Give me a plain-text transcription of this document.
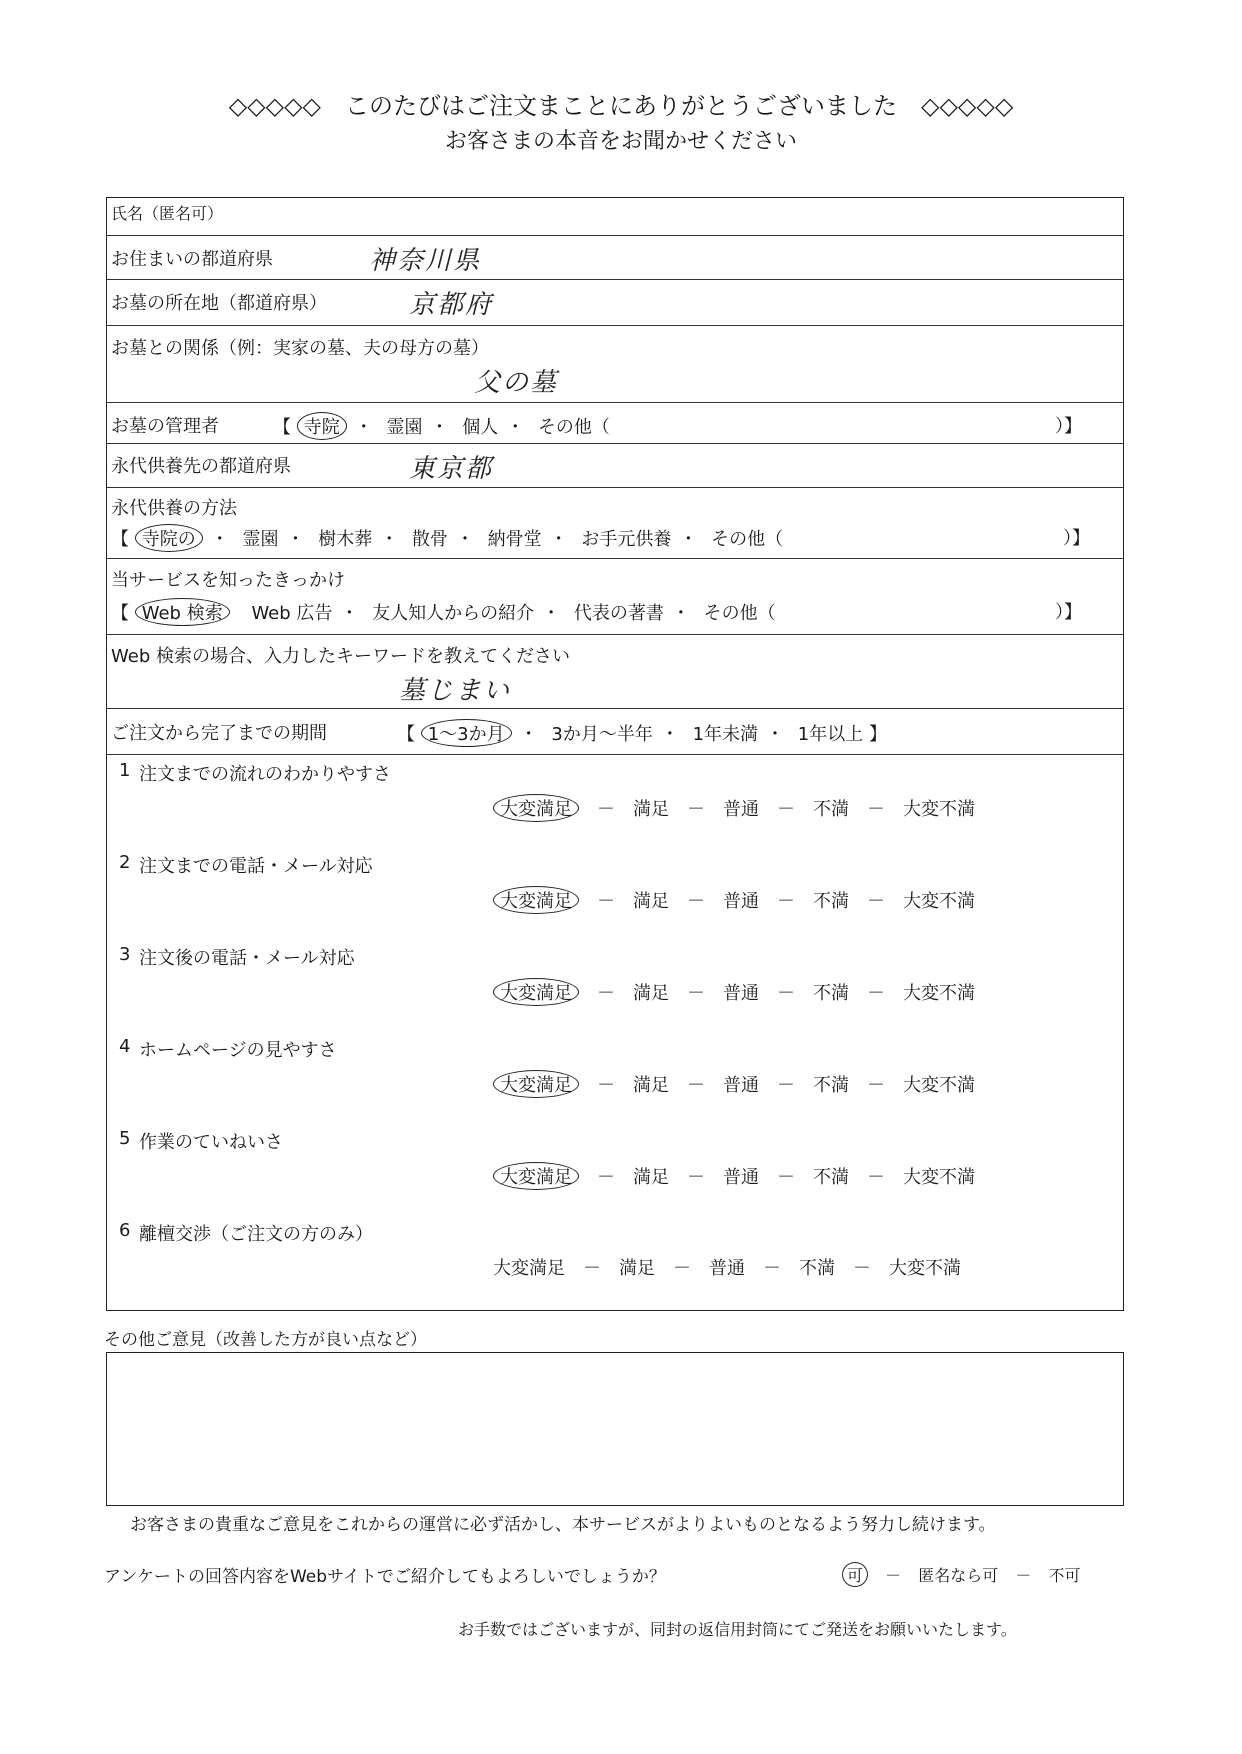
◇◇◇◇◇　このたびはご注文まことにありがとうございました　◇◇◇◇◇
お客さまの本音をお聞かせください
氏名（匿名可）
お住まいの都道府県	神奈川県
お墓の所在地（都道府県）	京都府
お墓との関係（例：実家の墓、夫の母方の墓）
父の墓
お墓の管理者	【 寺院 ・ 霊園 ・ 個人 ・ その他（	）】
永代供養先の都道府県	東京都
永代供養の方法
【 寺院の ・ 霊園 ・ 樹木葬 ・ 散骨 ・ 納骨堂 ・ お手元供養 ・ その他（	）】
当サービスを知ったきっかけ
【 Web 検索 Web 広告 ・ 友人知人からの紹介 ・ 代表の著書 ・ その他（	）】
Web 検索の場合、入力したキーワードを教えてください
墓じまい
ご注文から完了までの期間	【 1～3か月 ・ 3か月～半年 ・ 1年未満 ・ 1年以上 】
1 注文までの流れのわかりやすさ
大変満足 － 満足 － 普通 － 不満 － 大変不満
2 注文までの電話・メール対応
大変満足 － 満足 － 普通 － 不満 － 大変不満
3 注文後の電話・メール対応
大変満足 － 満足 － 普通 － 不満 － 大変不満
4 ホームページの見やすさ
大変満足 － 満足 － 普通 － 不満 － 大変不満
5 作業のていねいさ
大変満足 － 満足 － 普通 － 不満 － 大変不満
6 離檀交渉（ご注文の方のみ）
大変満足 － 満足 － 普通 － 不満 － 大変不満
その他ご意見（改善した方が良い点など）
お客さまの貴重なご意見をこれからの運営に必ず活かし、本サービスがよりよいものとなるよう努力し続けます。
アンケートの回答内容をWebサイトでご紹介してもよろしいでしょうか？	可 － 匿名なら可 － 不可
お手数ではございますが、同封の返信用封筒にてご発送をお願いいたします。
